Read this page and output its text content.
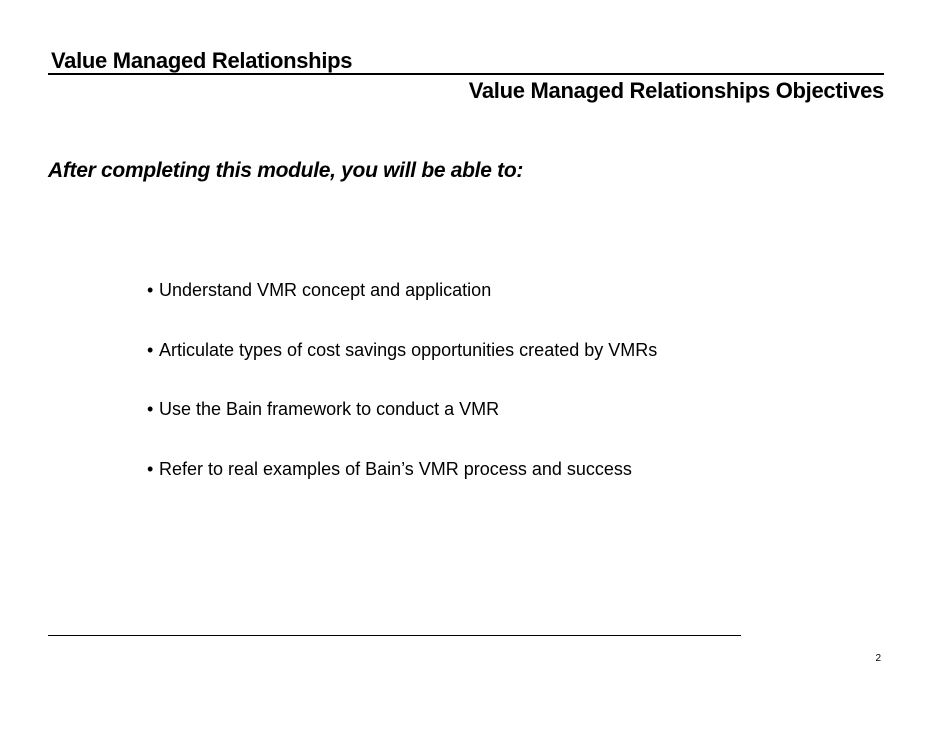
Value Managed Relationships
Value Managed Relationships Objectives
After completing this module, you will be able to:
• Understand VMR concept and application
• Articulate types of cost savings opportunities created by VMRs
• Use the Bain framework to conduct a VMR
• Refer to real examples of Bain’s VMR process and success
2
